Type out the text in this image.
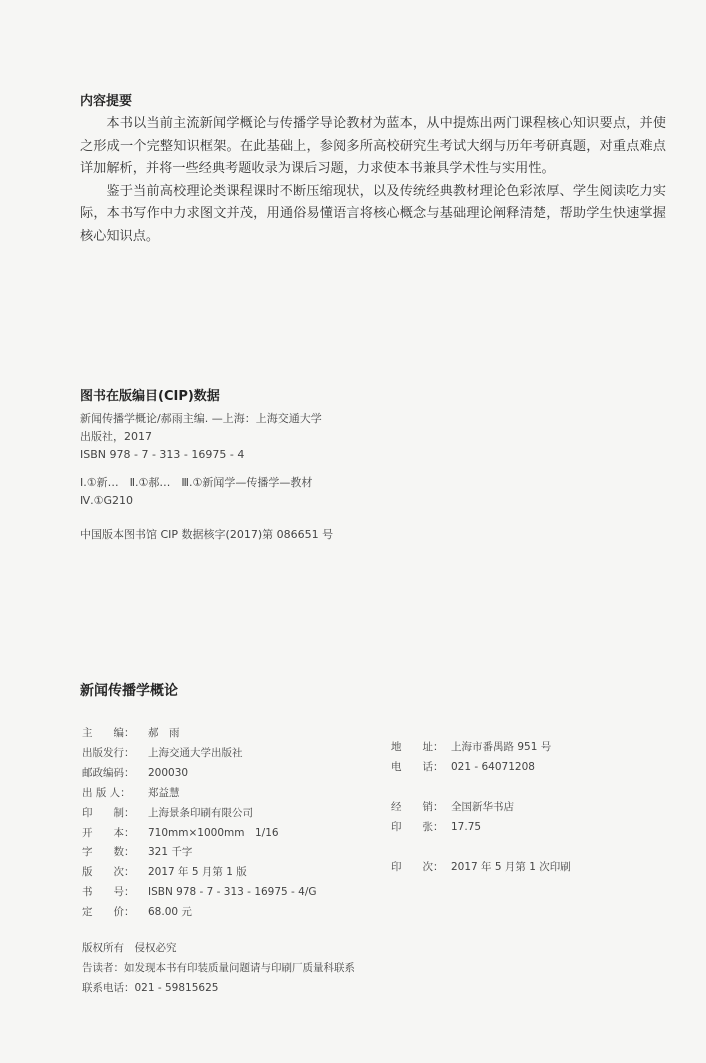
内容提要

本书以当前主流新闻学概论与传播学导论教材为蓝本，从中提炼出两门课程核心知识要点，并使之形成一个完整知识框架。在此基础上，参阅多所高校研究生考试大纲与历年考研真题，对重点难点详加解析，并将一些经典考题收录为课后习题，力求使本书兼具学术性与实用性。

鉴于当前高校理论类课程课时不断压缩现状，以及传统经典教材理论色彩浓厚、学生阅读吃力实际，本书写作中力求图文并茂，用通俗易懂语言将核心概念与基础理论阐释清楚，帮助学生快速掌握核心知识点。

图书在版编目(CIP)数据

新闻传播学概论/郝雨主编. —上海：上海交通大学

出版社，2017

ISBN 978 - 7 - 313 - 16975 - 4

Ⅰ.①新…　Ⅱ.①郝…　Ⅲ.①新闻学—传播学—教材

Ⅳ.①G210

中国版本图书馆 CIP 数据核字(2017)第 086651 号

新闻传播学概论
主　　编：	郝　雨
出版发行：	上海交通大学出版社
邮政编码：	200030
出 版 人：	郑益慧
印　　制：	上海景条印刷有限公司
开　　本：	710mm×1000mm　1/16
字　　数：	321 千字
版　　次：	2017 年 5 月第 1 版
书　　号：	ISBN 978 - 7 - 313 - 16975 - 4/G
定　　价：	68.00 元
地　　址： 上海市番禺路 951 号
电　　话： 021 - 64071208
经　　销： 全国新华书店
印　　张： 17.75
印　　次： 2017 年 5 月第 1 次印刷

版权所有　侵权必究

告读者：如发现本书有印装质量问题请与印刷厂质量科联系

联系电话：021 - 59815625
